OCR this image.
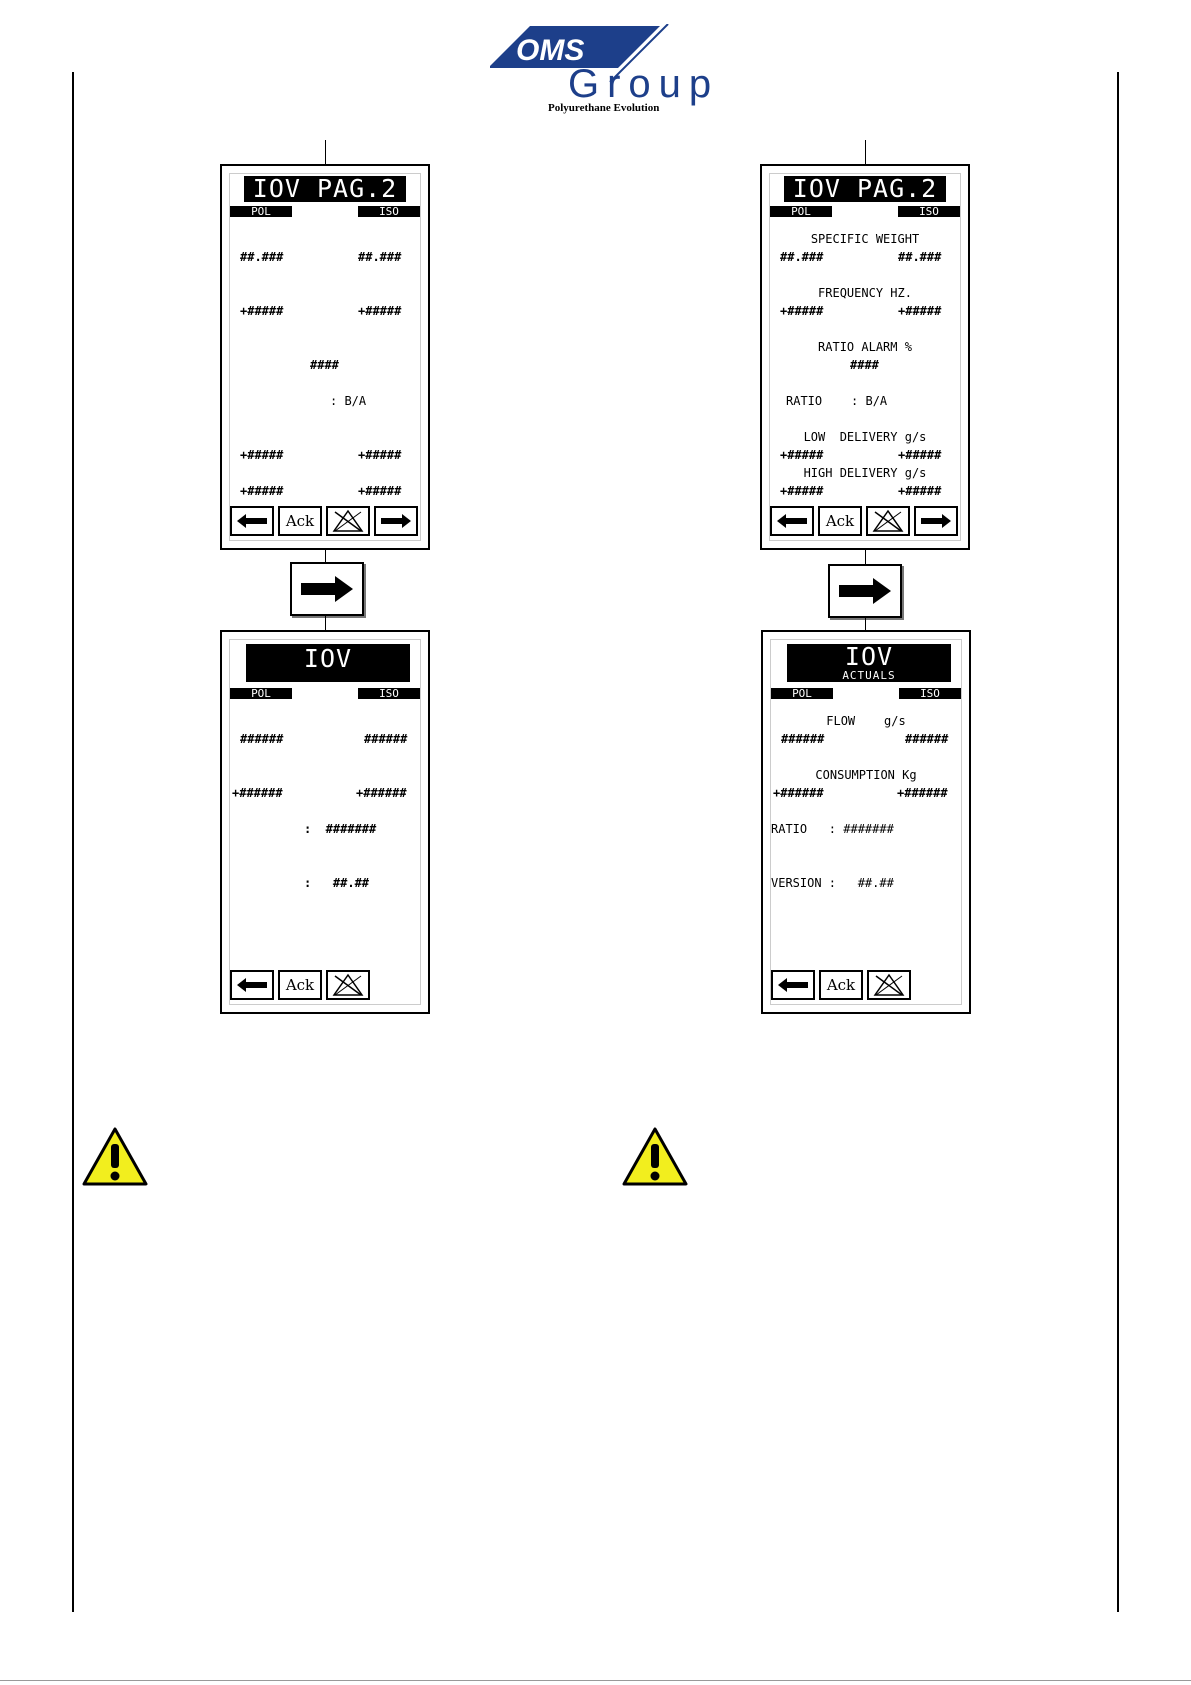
OMS
Group
Polyurethane Evolution
IOV PAG.2
POL	ISO
##.###	##.###
+#####	+#####
####
: B/A
+#####	+#####
+#####	+#####
Ack
IOV
POL	ISO
######	######
+######	+######
:  #######
:   ##.##
Ack
IOV PAG.2
POL	ISO
SPECIFIC WEIGHT
##.###	##.###
FREQUENCY HZ.
+#####	+#####
RATIO ALARM %
####
RATIO    : B/A
LOW  DELIVERY g/s
+#####	+#####
HIGH DELIVERY g/s
+#####	+#####
Ack
IOV
ACTUALS
POL	ISO
FLOW    g/s
######	######
CONSUMPTION Kg
+######	+######
RATIO   : #######
VERSION :   ##.##
Ack
